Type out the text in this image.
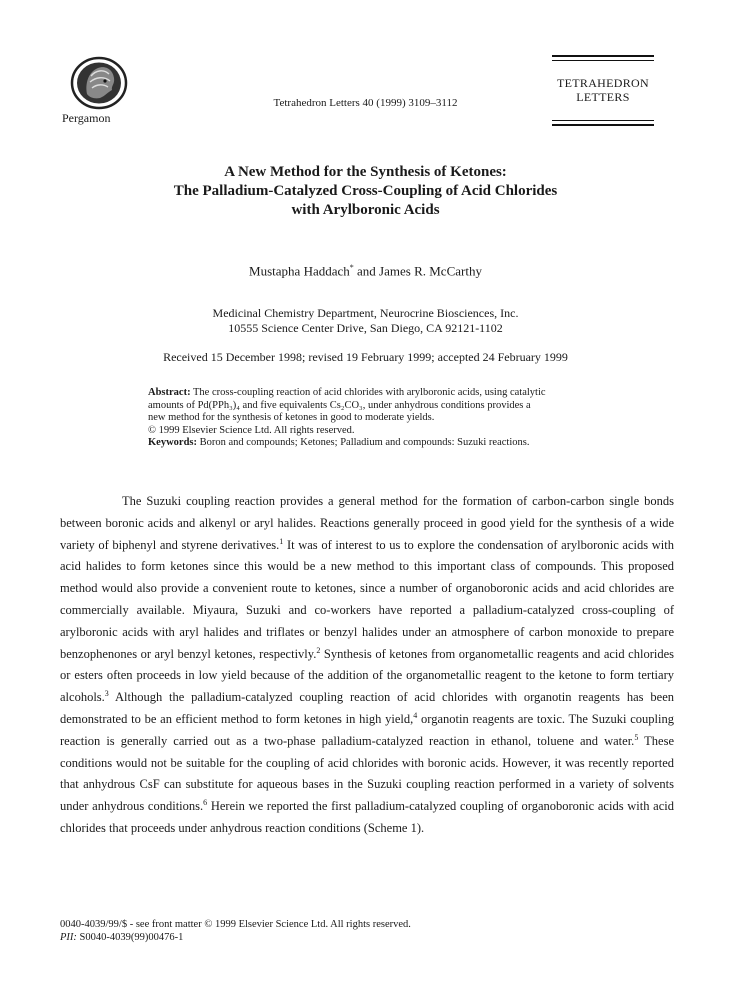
Pergamon
Tetrahedron Letters 40 (1999) 3109–3112
TETRAHEDRON
LETTERS
A New Method for the Synthesis of Ketones:
The Palladium-Catalyzed Cross-Coupling of Acid Chlorides
with Arylboronic Acids
Mustapha Haddach* and James R. McCarthy
Medicinal Chemistry Department, Neurocrine Biosciences, Inc.
10555 Science Center Drive, San Diego, CA 92121-1102
Received 15 December 1998; revised 19 February 1999; accepted 24 February 1999
Abstract: The cross-coupling reaction of acid chlorides with arylboronic acids, using catalytic
amounts of Pd(PPh₃)₄ and five equivalents Cs₂CO₃, under anhydrous conditions provides a
new method for the synthesis of ketones in good to moderate yields.
© 1999 Elsevier Science Ltd. All rights reserved.
Keywords: Boron and compounds; Ketones; Palladium and compounds: Suzuki reactions.

The Suzuki coupling reaction provides a general method for the formation of carbon-carbon single bonds between boronic acids and alkenyl or aryl halides. Reactions generally proceed in good yield for the synthesis of a wide variety of biphenyl and styrene derivatives.$^1$ It was of interest to us to explore the condensation of arylboronic acids with acid halides to form ketones since this would be a new method to this important class of compounds. This proposed method would also provide a convenient route to ketones, since a number of organoboronic acids and acid chlorides are commercially available. Miyaura, Suzuki and co-workers have reported a palladium-catalyzed cross-coupling of arylboronic acids with aryl halides and triflates or benzyl halides under an atmosphere of carbon monoxide to prepare benzophenones or aryl benzyl ketones, respectivly.$^2$ Synthesis of ketones from organometallic reagents and acid chlorides or esters often proceeds in low yield because of the addition of the organometallic reagent to the ketone to form tertiary alcohols.$^3$ Although the palladium-catalyzed coupling reaction of acid chlorides with organotin reagents has been demonstrated to be an efficient method to form ketones in high yield,$^4$ organotin reagents are toxic. The Suzuki coupling reaction is generally carried out as a two-phase palladium-catalyzed reaction in ethanol, toluene and water.$^5$ These conditions would not be suitable for the coupling of acid chlorides with boronic acids. However, it was recently reported that anhydrous CsF can substitute for aqueous bases in the Suzuki coupling reaction performed in a variety of solvents under anhydrous conditions.$^6$ Herein we reported the first palladium-catalyzed coupling of organoboronic acids with acid chlorides that proceeds under anhydrous reaction conditions (Scheme 1).

0040-4039/99/$ - see front matter © 1999 Elsevier Science Ltd. All rights reserved.
PII: S0040-4039(99)00476-1
